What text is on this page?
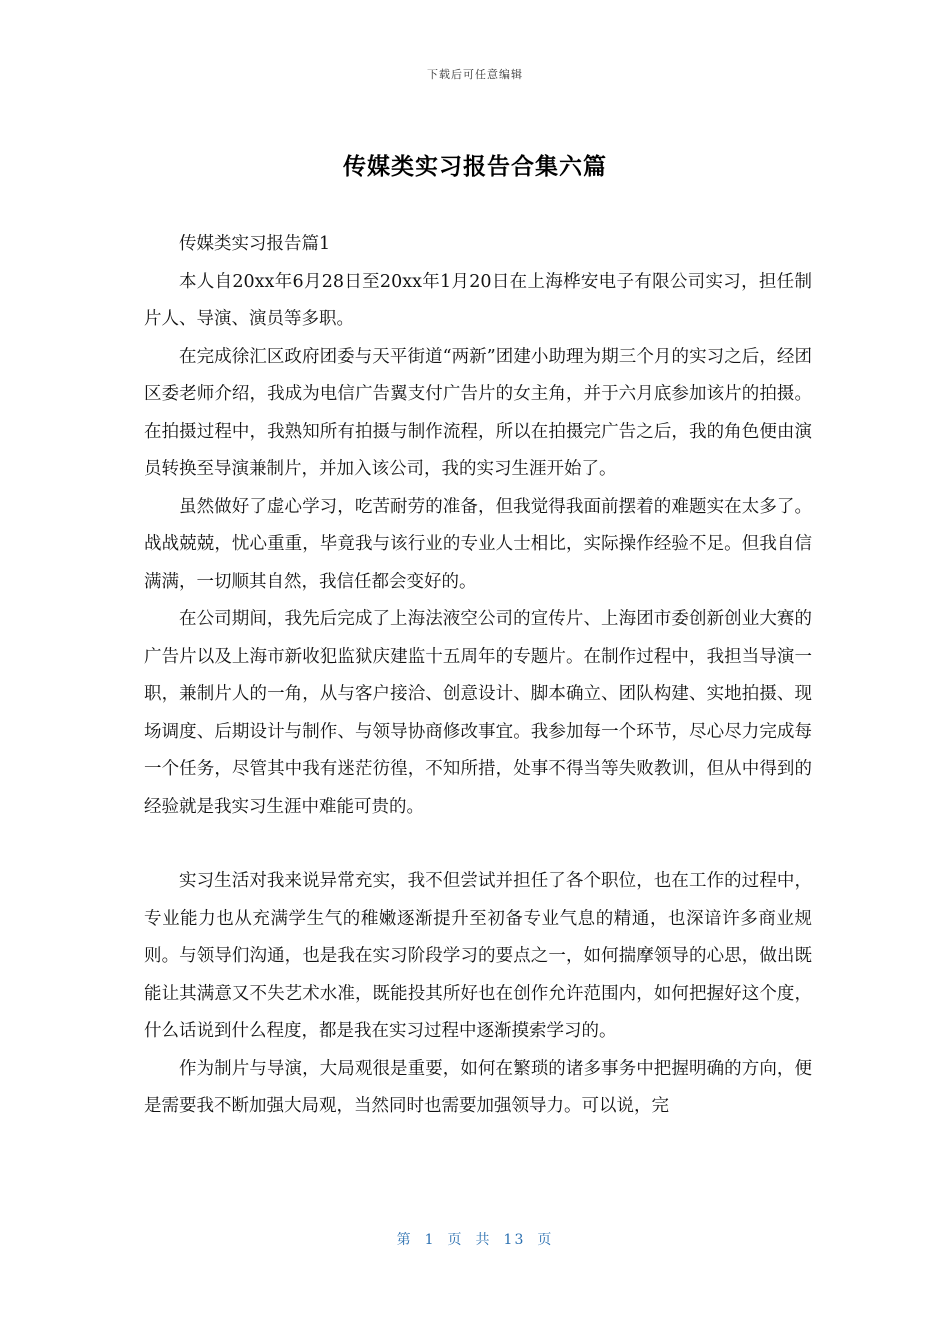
下载后可任意编辑
传媒类实习报告合集六篇

传媒类实习报告篇1

本人自20xx年6月28日至20xx年1月20日在上海桦安电子有限公司实习，担任制片人、导演、演员等多职。

在完成徐汇区政府团委与天平街道“两新”团建小助理为期三个月的实习之后，经团区委老师介绍，我成为电信广告翼支付广告片的女主角，并于六月底参加该片的拍摄。在拍摄过程中，我熟知所有拍摄与制作流程，所以在拍摄完广告之后，我的角色便由演员转换至导演兼制片，并加入该公司，我的实习生涯开始了。

虽然做好了虚心学习，吃苦耐劳的准备，但我觉得我面前摆着的难题实在太多了。战战兢兢，忧心重重，毕竟我与该行业的专业人士相比，实际操作经验不足。但我自信满满，一切顺其自然，我信任都会变好的。

在公司期间，我先后完成了上海法液空公司的宣传片、上海团市委创新创业大赛的广告片以及上海市新收犯监狱庆建监十五周年的专题片。在制作过程中，我担当导演一职，兼制片人的一角，从与客户接洽、创意设计、脚本确立、团队构建、实地拍摄、现场调度、后期设计与制作、与领导协商修改事宜。我参加每一个环节，尽心尽力完成每一个任务，尽管其中我有迷茫彷徨，不知所措，处事不得当等失败教训，但从中得到的经验就是我实习生涯中难能可贵的。

实习生活对我来说异常充实，我不但尝试并担任了各个职位，也在工作的过程中，专业能力也从充满学生气的稚嫩逐渐提升至初备专业气息的精通，也深谙许多商业规则。与领导们沟通，也是我在实习阶段学习的要点之一，如何揣摩领导的心思，做出既能让其满意又不失艺术水准，既能投其所好也在创作允许范围内，如何把握好这个度，什么话说到什么程度，都是我在实习过程中逐渐摸索学习的。

作为制片与导演，大局观很是重要，如何在繁琐的诸多事务中把握明确的方向，便是需要我不断加强大局观，当然同时也需要加强领导力。可以说，完

第 1 页 共 13 页
